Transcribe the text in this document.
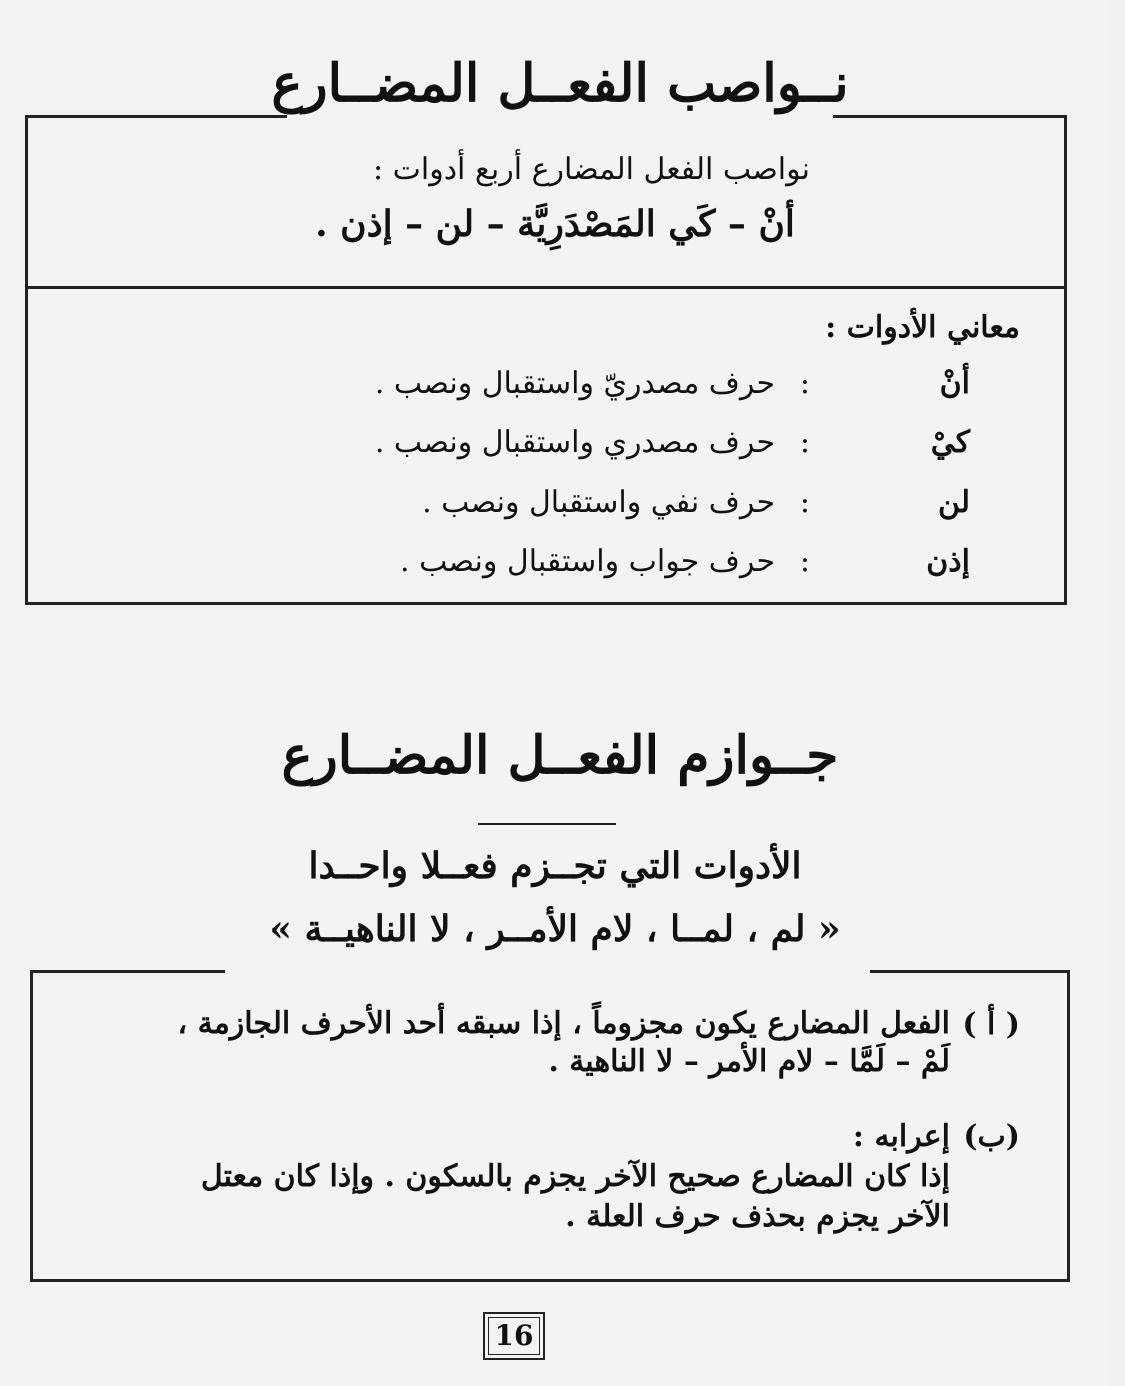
نــواصب الفعــل المضــارع
نواصب الفعل المضارع أربع أدوات :
أنْ – كَي المَصْدَرِيَّة – لن – إذن .
معاني الأدوات :
أنْ
:
حرف مصدريّ واستقبال ونصب .
كيْ
:
حرف مصدري واستقبال ونصب .
لن
:
حرف نفي واستقبال ونصب .
إذن
:
حرف جواب واستقبال ونصب .
جــوازم الفعــل المضــارع
الأدوات التي تجــزم فعــلا واحــدا
« لم ، لمــا ، لام الأمــر ، لا الناهيــة »
( أ )

الفعل المضارع يكون مجزوماً ، إذا سبقه أحد الأحرف الجازمة ،

لَمْ – لَمَّا – لام الأمر – لا الناهية .

(ب)

إعرابه :

إذا كان المضارع صحيح الآخر يجزم بالسكون . وإذا كان معتل

الآخر يجزم بحذف حرف العلة .

16
